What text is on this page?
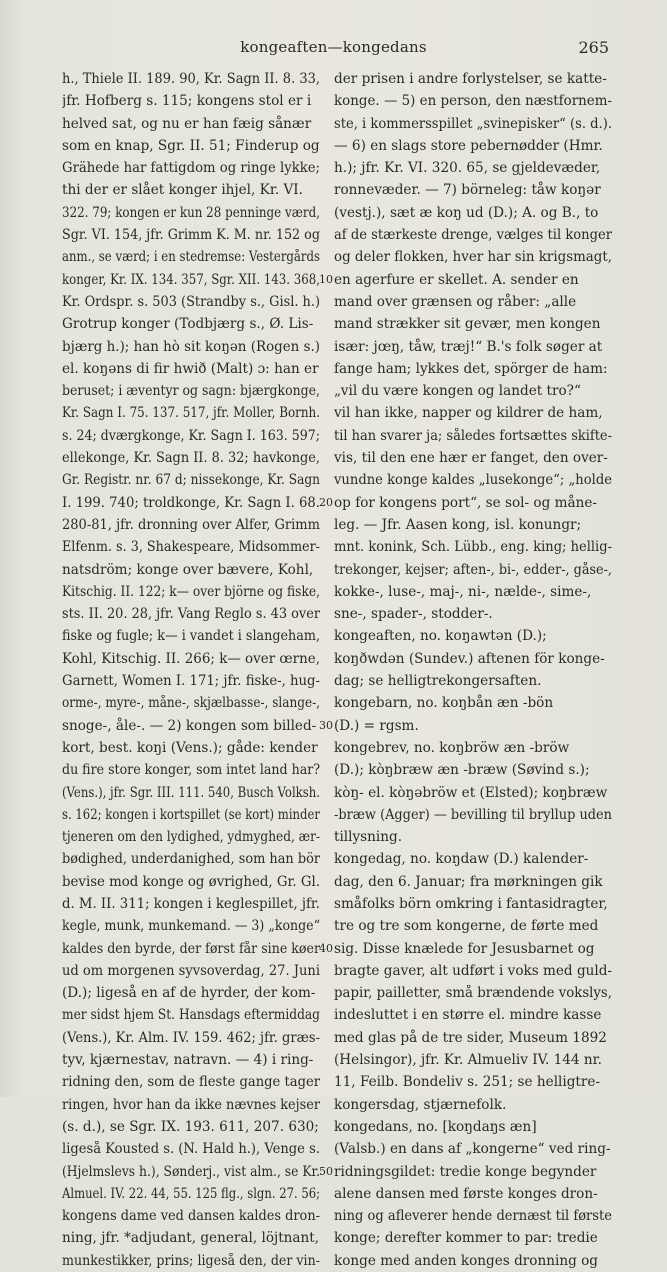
kongeaften—kongedans	265
h., Thiele II. 189. 90, Kr. Sagn II. 8. 33,
jfr. Hofberg s. 115; kongens stol er i
helved sat, og nu er han fæig sånær
som en knap, Sgr. II. 51; Finderup og
Grähede har fattigdom og ringe lykke;
thi der er slået konger ihjel, Kr. VI.
322. 79; kongen er kun 28 penninge værd,
Sgr. VI. 154, jfr. Grimm K. M. nr. 152 og
anm., se værd; i en stedremse: Vestergårds
konger, Kr. IX. 134. 357, Sgr. XII. 143. 368,
Kr. Ordspr. s. 503 (Strandby s., Gisl. h.)
Grotrup konger (Todbjærg s., Ø. Lis-
bjærg h.); han hò sit koŋən (Rogen s.)
el. koŋəns di fir hwið (Malt) ɔ: han er
beruset; i æventyr og sagn: bjærgkonge,
Kr. Sagn I. 75. 137. 517, jfr. Moller, Bornh.
s. 24; dværgkonge, Kr. Sagn I. 163. 597;
ellekonge, Kr. Sagn II. 8. 32; havkonge,
Gr. Registr. nr. 67 d; nissekonge, Kr. Sagn
I. 199. 740; troldkonge, Kr. Sagn I. 68.
280-81, jfr. dronning over Alfer, Grimm
Elfenm. s. 3, Shakespeare, Midsommer-
natsdröm; konge over bævere, Kohl,
Kitschig. II. 122; k— over björne og fiske,
sts. II. 20. 28, jfr. Vang Reglo s. 43 over
fiske og fugle; k— i vandet i slangeham,
Kohl, Kitschig. II. 266; k— over œrne,
Garnett, Women I. 171; jfr. fiske-, hug-
orme-, myre-, måne-, skjælbasse-, slange-,
snoge-, åle-. — 2) kongen som billed-
kort, best. koŋi (Vens.); gåde: kender
du fire store konger, som intet land har?
(Vens.), jfr. Sgr. III. 111. 540, Busch Volksh.
s. 162; kongen i kortspillet (se kort) minder
tjeneren om den lydighed, ydmyghed, ær-
bødighed, underdanighed, som han bör
bevise mod konge og øvrighed, Gr. Gl.
d. M. II. 311; kongen i keglespillet, jfr.
kegle, munk, munkemand. — 3) „konge“
kaldes den byrde, der først får sine køer
ud om morgenen syvsoverdag, 27. Juni
(D.); ligeså en af de hyrder, der kom-
mer sidst hjem St. Hansdags eftermiddag
(Vens.), Kr. Alm. IV. 159. 462; jfr. græs-
tyv, kjærnestav, natravn. — 4) i ring-
ridning den, som de fleste gange tager
ringen, hvor han da ikke nævnes kejser
(s. d.), se Sgr. IX. 193. 611, 207. 630;
ligeså Kousted s. (N. Hald h.), Venge s.
(Hjelmslevs h.), Sønderj., vist alm., se Kr.
Almuel. IV. 22. 44, 55. 125 flg., slgn. 27. 56;
kongens dame ved dansen kaldes dron-
ning, jfr. *adjudant, general, löjtnant,
munkestikker, prins; ligeså den, der vin-
10
20
30
40
50
der prisen i andre forlystelser, se katte-
konge. — 5) en person, den næstfornem-
ste, i kommersspillet „svinepisker“ (s. d.).
— 6) en slags store pebernødder (Hmr.
h.); jfr. Kr. VI. 320. 65, se gjeldevæder,
ronnevæder. — 7) börneleg: tåw koŋər
(vestj.), sæt æ koŋ ud (D.); A. og B., to
af de stærkeste drenge, vælges til konger
og deler flokken, hver har sin krigsmagt,
en agerfure er skellet. A. sender en
mand over grænsen og råber: „alle
mand strækker sit gevær, men kongen
især: jœŋ, tåw, træj!“ B.'s folk søger at
fange ham; lykkes det, spörger de ham:
„vil du være kongen og landet tro?“
vil han ikke, napper og kildrer de ham,
til han svarer ja; således fortsættes skifte-
vis, til den ene hær er fanget, den over-
vundne konge kaldes „lusekonge“; „holde
op for kongens port“, se sol- og måne-
leg. — Jfr. Aasen kong, isl. konungr;
mnt. konink, Sch. Lübb., eng. king; hellig-
trekonger, kejser; aften-, bi-, edder-, gåse-,
kokke-, luse-, maj-, ni-, nælde-, sime-,
sne-, spader-, stodder-.
kongeaften, no. koŋawtən (D.);
koŋðwdən (Sundev.) aftenen för konge-
dag; se helligtrekongersaften.
kongebarn, no. koŋbån æn -bön
(D.) = rgsm.
kongebrev, no. koŋbröw æn -bröw
(D.); kòŋbræw æn -bræw (Søvind s.);
kòŋ- el. kòŋəbröw et (Elsted); koŋbræw
-bræw (Agger) — bevilling til bryllup uden
tillysning.
kongedag, no. koŋdaw (D.) kalender-
dag, den 6. Januar; fra mørkningen gik
småfolks börn omkring i fantasidragter,
tre og tre som kongerne, de førte med
sig. Disse knælede for Jesusbarnet og
bragte gaver, alt udført i voks med guld-
papir, pailletter, små brændende vokslys,
indesluttet i en større el. mindre kasse
med glas på de tre sider, Museum 1892
(Helsingor), jfr. Kr. Almueliv IV. 144 nr.
11, Feilb. Bondeliv s. 251; se helligtre-
kongersdag, stjærnefolk.
kongedans, no. [koŋdaŋs æn]
(Valsb.) en dans af „kongerne“ ved ring-
ridningsgildet: tredie konge begynder
alene dansen med første konges dron-
ning og afleverer hende dernæst til første
konge; derefter kommer to par: tredie
konge med anden konges dronning og
